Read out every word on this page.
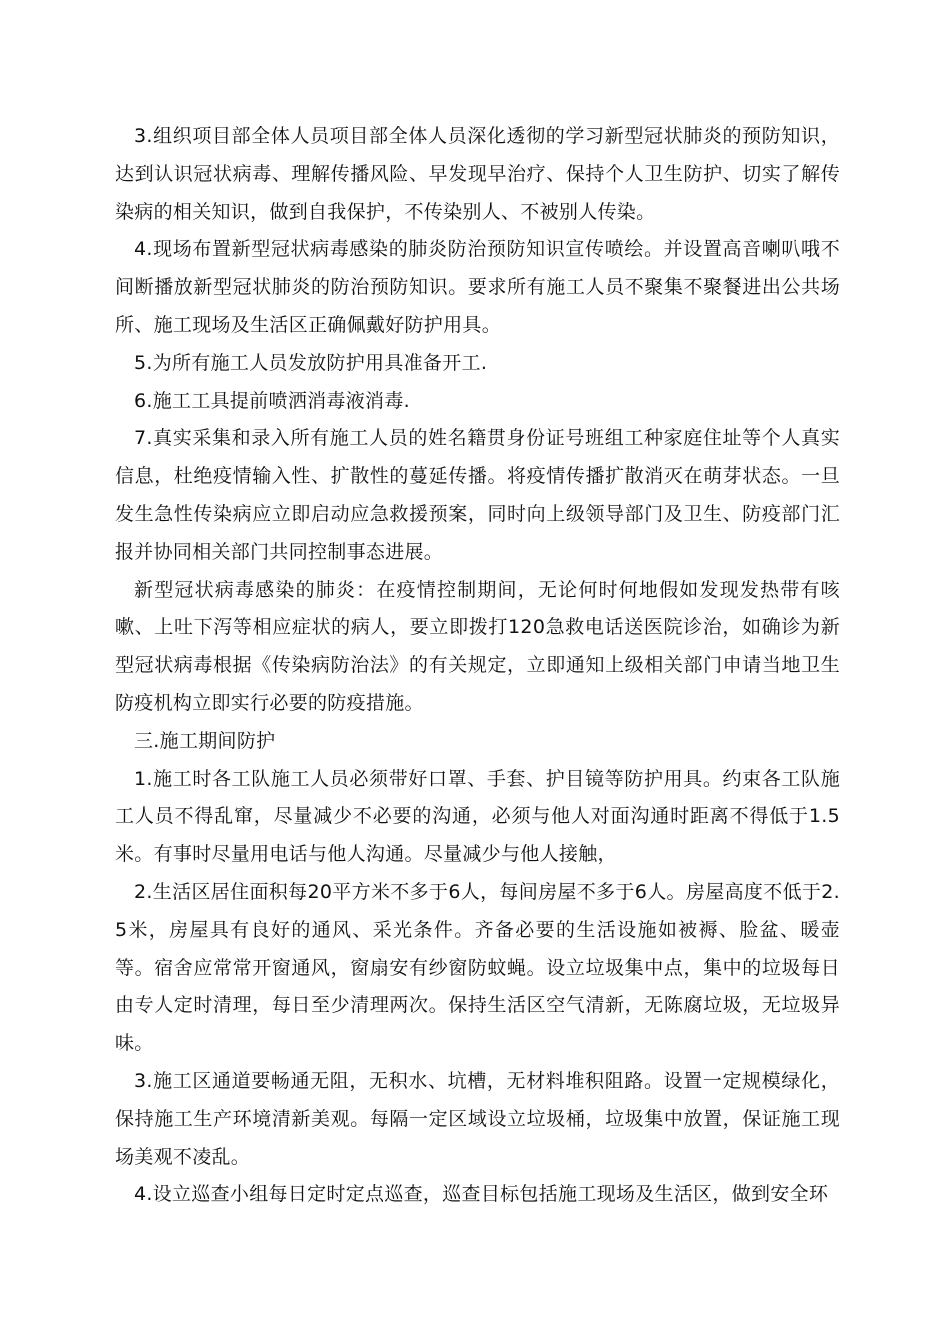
3.组织项目部全体人员项目部全体人员深化透彻的学习新型冠状肺炎的预防知识，达到认识冠状病毒、理解传播风险、早发现早治疗、保持个人卫生防护、切实了解传染病的相关知识，做到自我保护，不传染别人、不被别人传染。

4.现场布置新型冠状病毒感染的肺炎防治预防知识宣传喷绘。并设置高音喇叭哦不间断播放新型冠状肺炎的防治预防知识。要求所有施工人员不聚集不聚餐进出公共场所、施工现场及生活区正确佩戴好防护用具。

5.为所有施工人员发放防护用具准备开工.

6.施工工具提前喷洒消毒液消毒.

7.真实采集和录入所有施工人员的姓名籍贯身份证号班组工种家庭住址等个人真实信息，杜绝疫情输入性、扩散性的蔓延传播。将疫情传播扩散消灭在萌芽状态。一旦发生急性传染病应立即启动应急救援预案，同时向上级领导部门及卫生、防疫部门汇报并协同相关部门共同控制事态进展。

新型冠状病毒感染的肺炎：在疫情控制期间，无论何时何地假如发现发热带有咳嗽、上吐下泻等相应症状的病人，要立即拨打120急救电话送医院诊治，如确诊为新型冠状病毒根据《传染病防治法》的有关规定，立即通知上级相关部门申请当地卫生防疫机构立即实行必要的防疫措施。

三.施工期间防护

1.施工时各工队施工人员必须带好口罩、手套、护目镜等防护用具。约束各工队施工人员不得乱窜，尽量减少不必要的沟通，必须与他人对面沟通时距离不得低于1.5米。有事时尽量用电话与他人沟通。尽量减少与他人接触，

2.生活区居住面积每20平方米不多于6人，每间房屋不多于6人。房屋高度不低于2.5米，房屋具有良好的通风、采光条件。齐备必要的生活设施如被褥、脸盆、暖壶等。宿舍应常常开窗通风，窗扇安有纱窗防蚊蝇。设立垃圾集中点，集中的垃圾每日由专人定时清理，每日至少清理两次。保持生活区空气清新，无陈腐垃圾，无垃圾异味。

3.施工区通道要畅通无阻，无积水、坑槽，无材料堆积阻路。设置一定规模绿化，保持施工生产环境清新美观。每隔一定区域设立垃圾桶，垃圾集中放置，保证施工现场美观不凌乱。

4.设立巡查小组每日定时定点巡查，巡查目标包括施工现场及生活区，做到安全环
